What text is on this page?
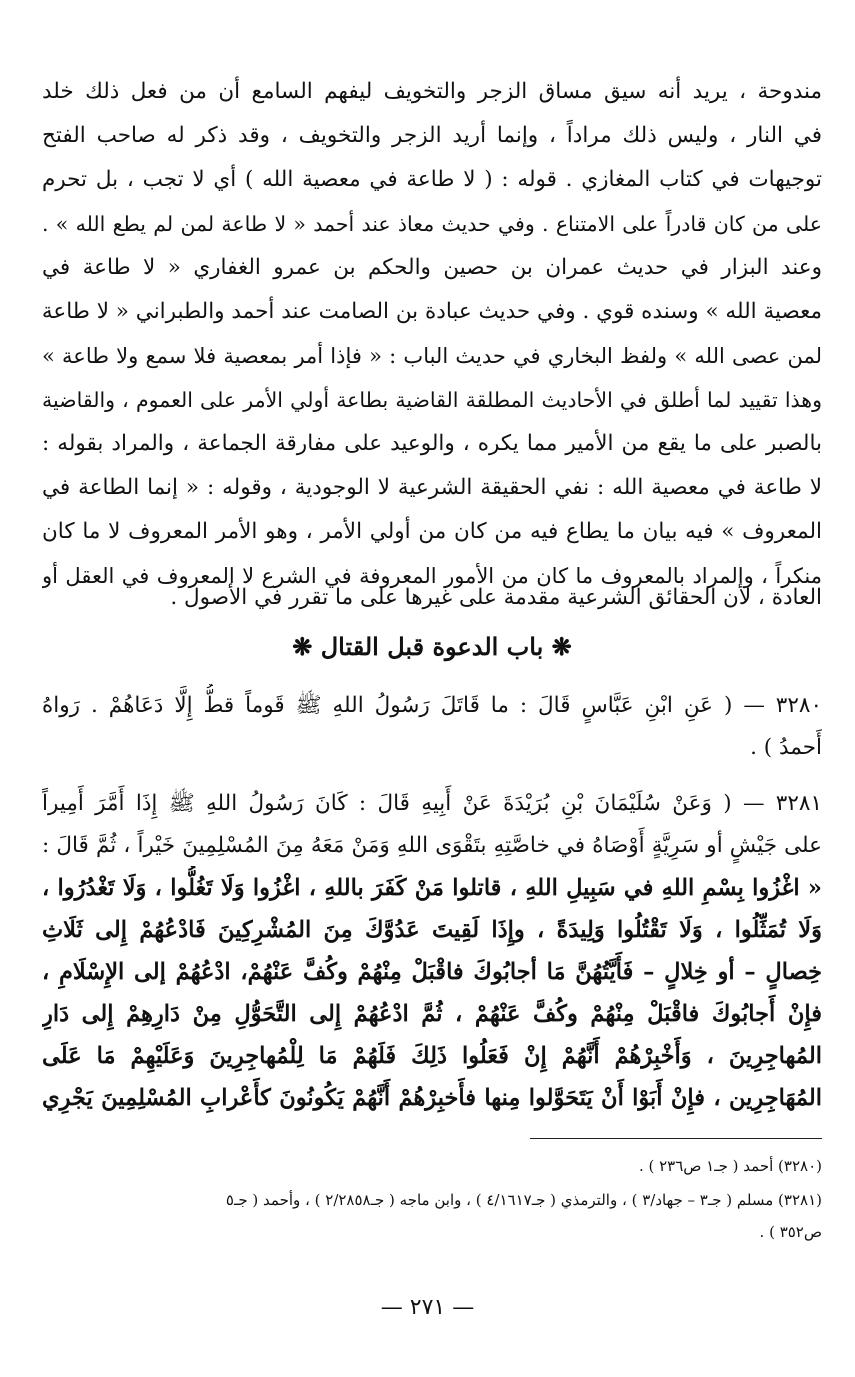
مندوحة ، يريد أنه سيق مساق الزجر والتخويف ليفهم السامع أن من فعل ذلك خلد
في النار ، وليس ذلك مراداً ، وإنما أريد الزجر والتخويف ، وقد ذكر له صاحب الفتح
توجيهات في كتاب المغازي . قوله : ( لا طاعة في معصية الله ) أي لا تجب ، بل تحرم
على من كان قادراً على الامتناع . وفي حديث معاذ عند أحمد « لا طاعة لمن لم يطع الله » .
وعند البزار في حديث عمران بن حصين والحكم بن عمرو الغفاري « لا طاعة في
معصية الله » وسنده قوي . وفي حديث عبادة بن الصامت عند أحمد والطبراني « لا طاعة
لمن عصى الله » ولفظ البخاري في حديث الباب : « فإذا أمر بمعصية فلا سمع ولا طاعة »
وهذا تقييد لما أطلق في الأحاديث المطلقة القاضية بطاعة أولي الأمر على العموم ، والقاضية
بالصبر على ما يقع من الأمير مما يكره ، والوعيد على مفارقة الجماعة ، والمراد بقوله :
لا طاعة في معصية الله : نفي الحقيقة الشرعية لا الوجودية ، وقوله : « إنما الطاعة في
المعروف » فيه بيان ما يطاع فيه من كان من أولي الأمر ، وهو الأمر المعروف لا ما كان
منكراً ، والمراد بالمعروف ما كان من الأمور المعروفة في الشرع لا المعروف في العقل أو
العادة ، لأن الحقائق الشرعية مقدمة على غيرها على ما تقرر في الأصول .
❋ باب الدعوة قبل القتال ❋
٣٢٨٠ — ( عَنِ ابْنِ عَبَّاسٍ قَالَ : ما قَاتَلَ رَسُولُ اللهِ ﷺ قَوماً قطُّ إِلَّا دَعَاهُمْ . رَواهُ
أَحمدُ ) .
٣٢٨١ — ( وَعَنْ سُلَيْمَانَ بْنِ بُرَيْدَةَ عَنْ أَبِيهِ قَالَ : كَانَ رَسُولُ اللهِ ﷺ إِذَا أَمَّرَ أَمِيراً
على جَيْشٍ أو سَرِيَّةٍ أَوْصَاهُ في خاصَّتِهِ بتَقْوَى اللهِ وَمَنْ مَعَهُ مِنَ المُسْلِمِينَ خَيْراً ، ثُمَّ قَالَ :
« اغْزُوا بِسْمِ اللهِ في سَبِيلِ اللهِ ، قاتلوا مَنْ كَفَرَ باللهِ ، اغْزُوا وَلَا تَغُلُّوا ، وَلَا تَغْدُرُوا ،
وَلَا تُمَثِّلُوا ، وَلَا تَقْتُلُوا وَلِيدَةً ، وإِذَا لَقِيتَ عَدُوَّكَ مِنَ المُشْرِكِينَ فَادْعُهُمْ إِلى ثَلَاثِ
خِصالٍ – أو خِلالٍ – فَأَيَّتُهُنَّ مَا أجابُوكَ فاقْبَلْ مِنْهُمْ وكُفَّ عَنْهُمْ، ادْعُهُمْ إلى الإِسْلَامِ ،
فإِنْ أَجابُوكَ فاقْبَلْ مِنْهُمْ وكُفَّ عَنْهُمْ ، ثُمَّ ادْعُهُمْ إِلى التَّحَوُّلِ مِنْ دَارِهِمْ إِلى دَارِ
المُهاجِرِينَ ، وَأَخْبِرْهُمْ أَنَّهُمْ إِنْ فَعَلُوا ذَلِكَ فَلَهُمْ مَا لِلْمُهاجِرِينَ وَعَلَيْهِمْ مَا عَلَى
المُهَاجِرِين ، فإِنْ أَبَوْا أَنْ يَتَحَوَّلوا مِنها فأَخبِرْهُمْ أَنَّهُمْ يَكُونُونَ كأَعْرابِ المُسْلِمِينَ يَجْرِي
(٣٢٨٠) أحمد ( جـ١ ص٢٣٦ ) .
(٣٢٨١) مسلم ( جـ٣ – جهاد/٣ ) ، والترمذي ( جـ٤/١٦١٧ ) ، وابن ماجه ( جـ٢/٢٨٥٨ ) ، وأحمد ( جـ٥
ص٣٥٢ ) .
— ٢٧١ —
